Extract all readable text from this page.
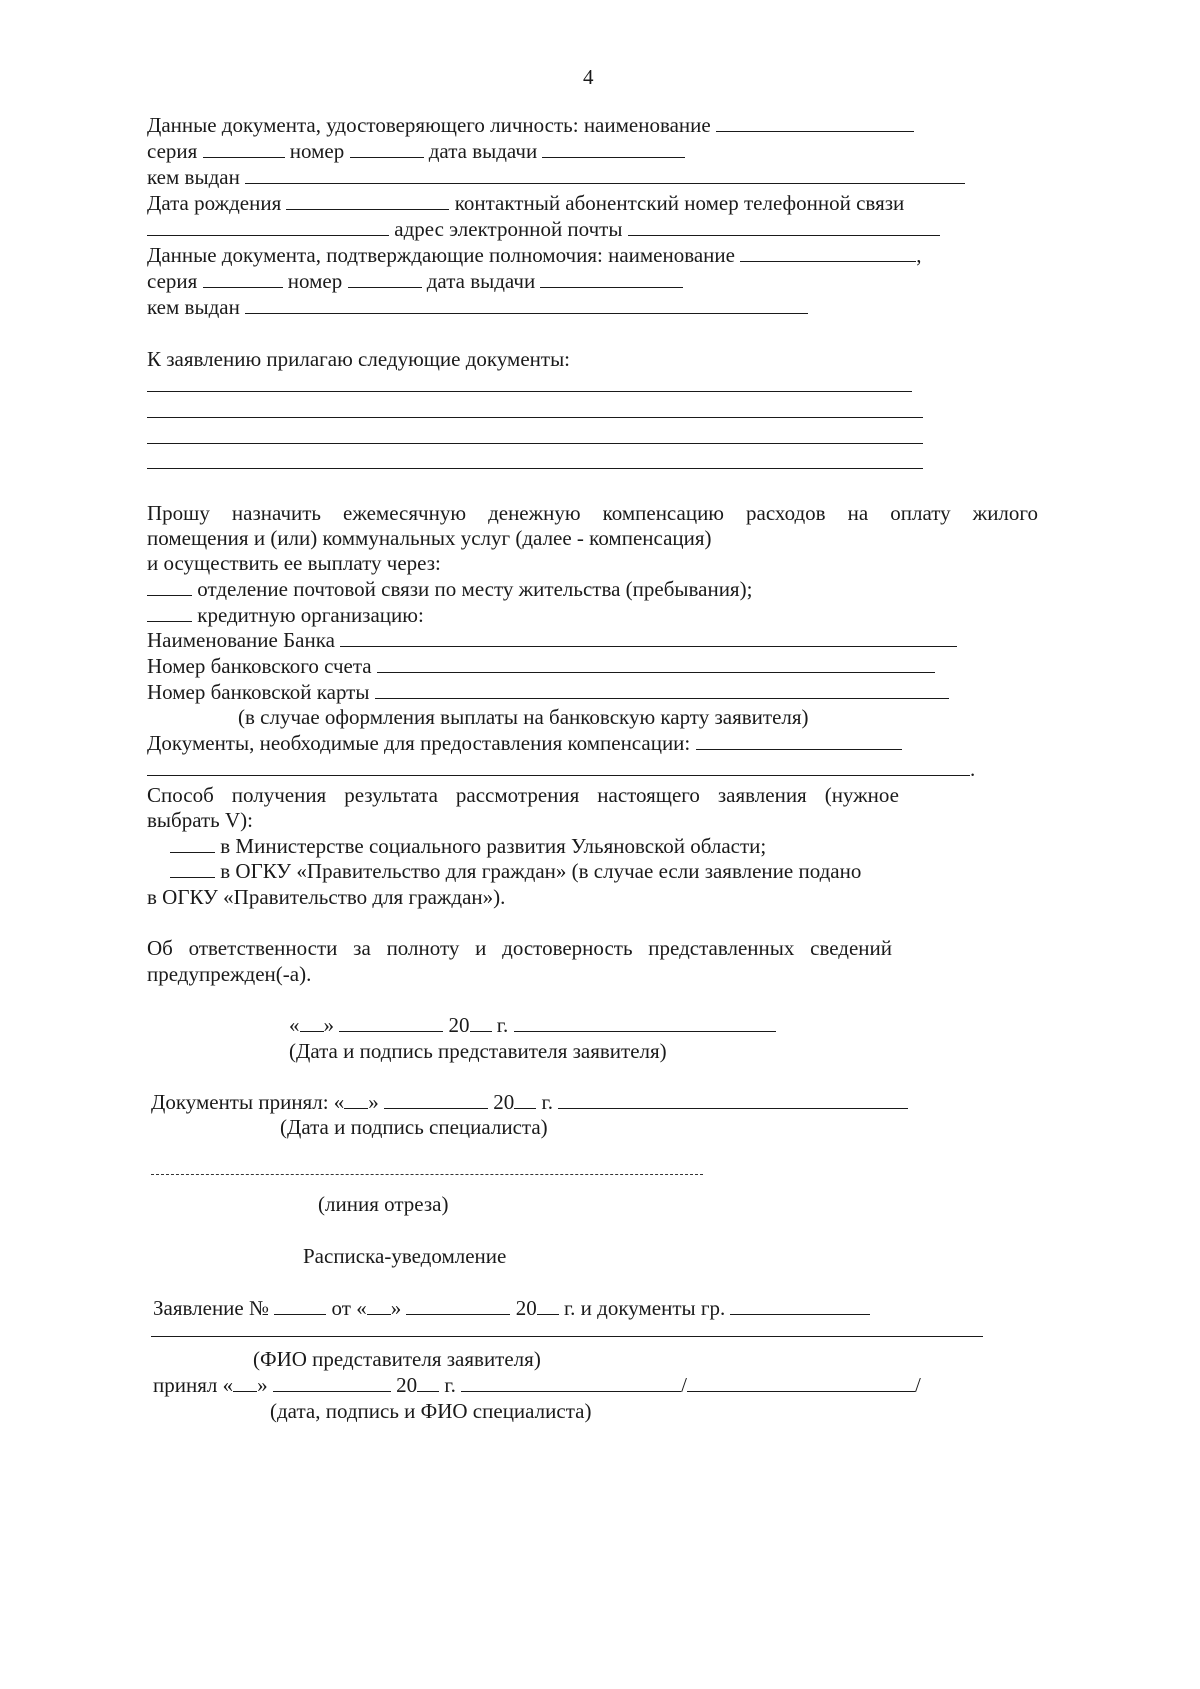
4
Данные документа, удостоверяющего личность: наименование
серия	номер	дата выдачи
кем выдан
Дата рождения	контактный абонентский номер телефонной связи
адрес электронной почты
Данные документа, подтверждающие полномочия: наименование	,
серия	номер	дата выдачи
кем выдан
К заявлению прилагаю следующие документы:
Прошу назначить ежемесячную денежную компенсацию расходов на оплату жилого
помещения и (или) коммунальных услуг (далее - компенсация)
и осуществить ее выплату через:
отделение почтовой связи по месту жительства (пребывания);
кредитную организацию:
Наименование Банка
Номер банковского счета
Номер банковской карты
(в случае оформления выплаты на банковскую карту заявителя)
Документы, необходимые для предоставления компенсации:
.
Способ получения результата рассмотрения настоящего заявления (нужное
выбрать V):
в Министерстве социального развития Ульяновской области;
в ОГКУ «Правительство для граждан» (в случае если заявление подано
в ОГКУ «Правительство для граждан»).
Об ответственности за полноту и достоверность представленных сведений
предупрежден(-а).
« »	20 г.
(Дата и подпись представителя заявителя)
Документы принял: « »	20 г.
(Дата и подпись специалиста)
(линия отреза)
Расписка-уведомление
Заявление №	от « »	20 г. и документы гр.
(ФИО представителя заявителя)
принял « »	20 г.	/	/
(дата, подпись и ФИО специалиста)
